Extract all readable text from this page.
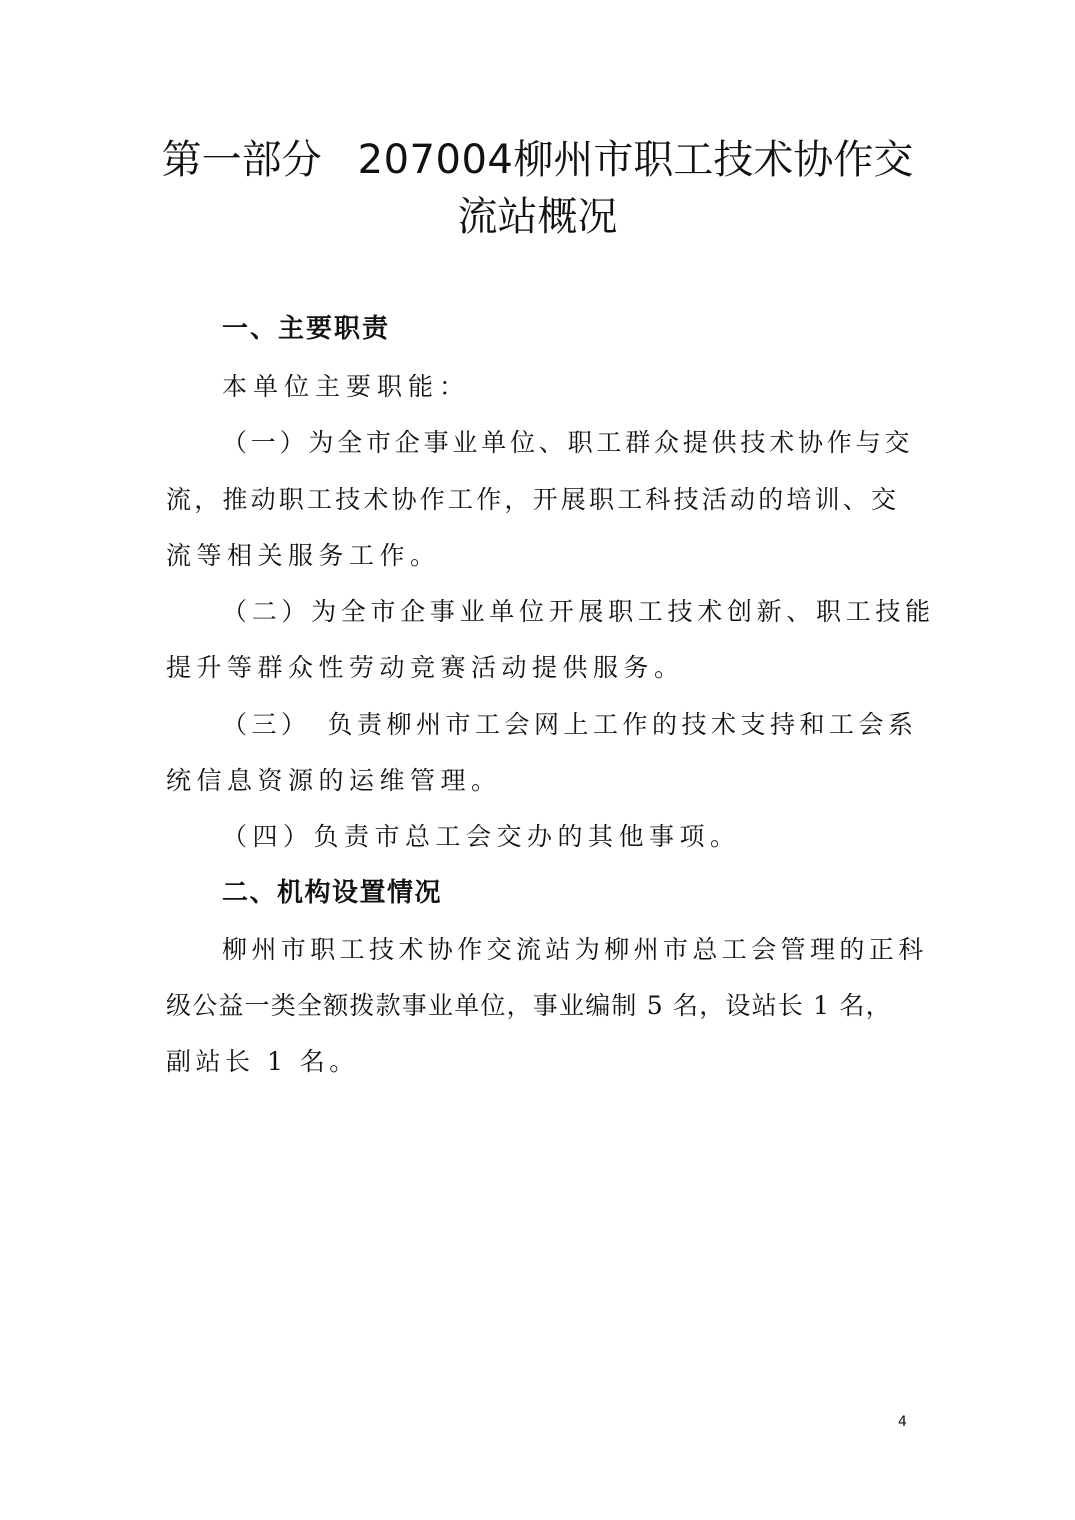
第一部分 207004柳州市职工技术协作交
流站概况
一、主要职责
本单位主要职能：
（一）为全市企事业单位、职工群众提供技术协作与交
流，推动职工技术协作工作，开展职工科技活动的培训、交
流等相关服务工作。
（二）为全市企事业单位开展职工技术创新、职工技能
提升等群众性劳动竞赛活动提供服务。
（三）　负责柳州市工会网上工作的技术支持和工会系
统信息资源的运维管理。
（四）负责市总工会交办的其他事项。
二、机构设置情况
柳州市职工技术协作交流站为柳州市总工会管理的正科
级公益一类全额拨款事业单位，事业编制 5 名，设站长 1 名，
副站长 1 名。
4
